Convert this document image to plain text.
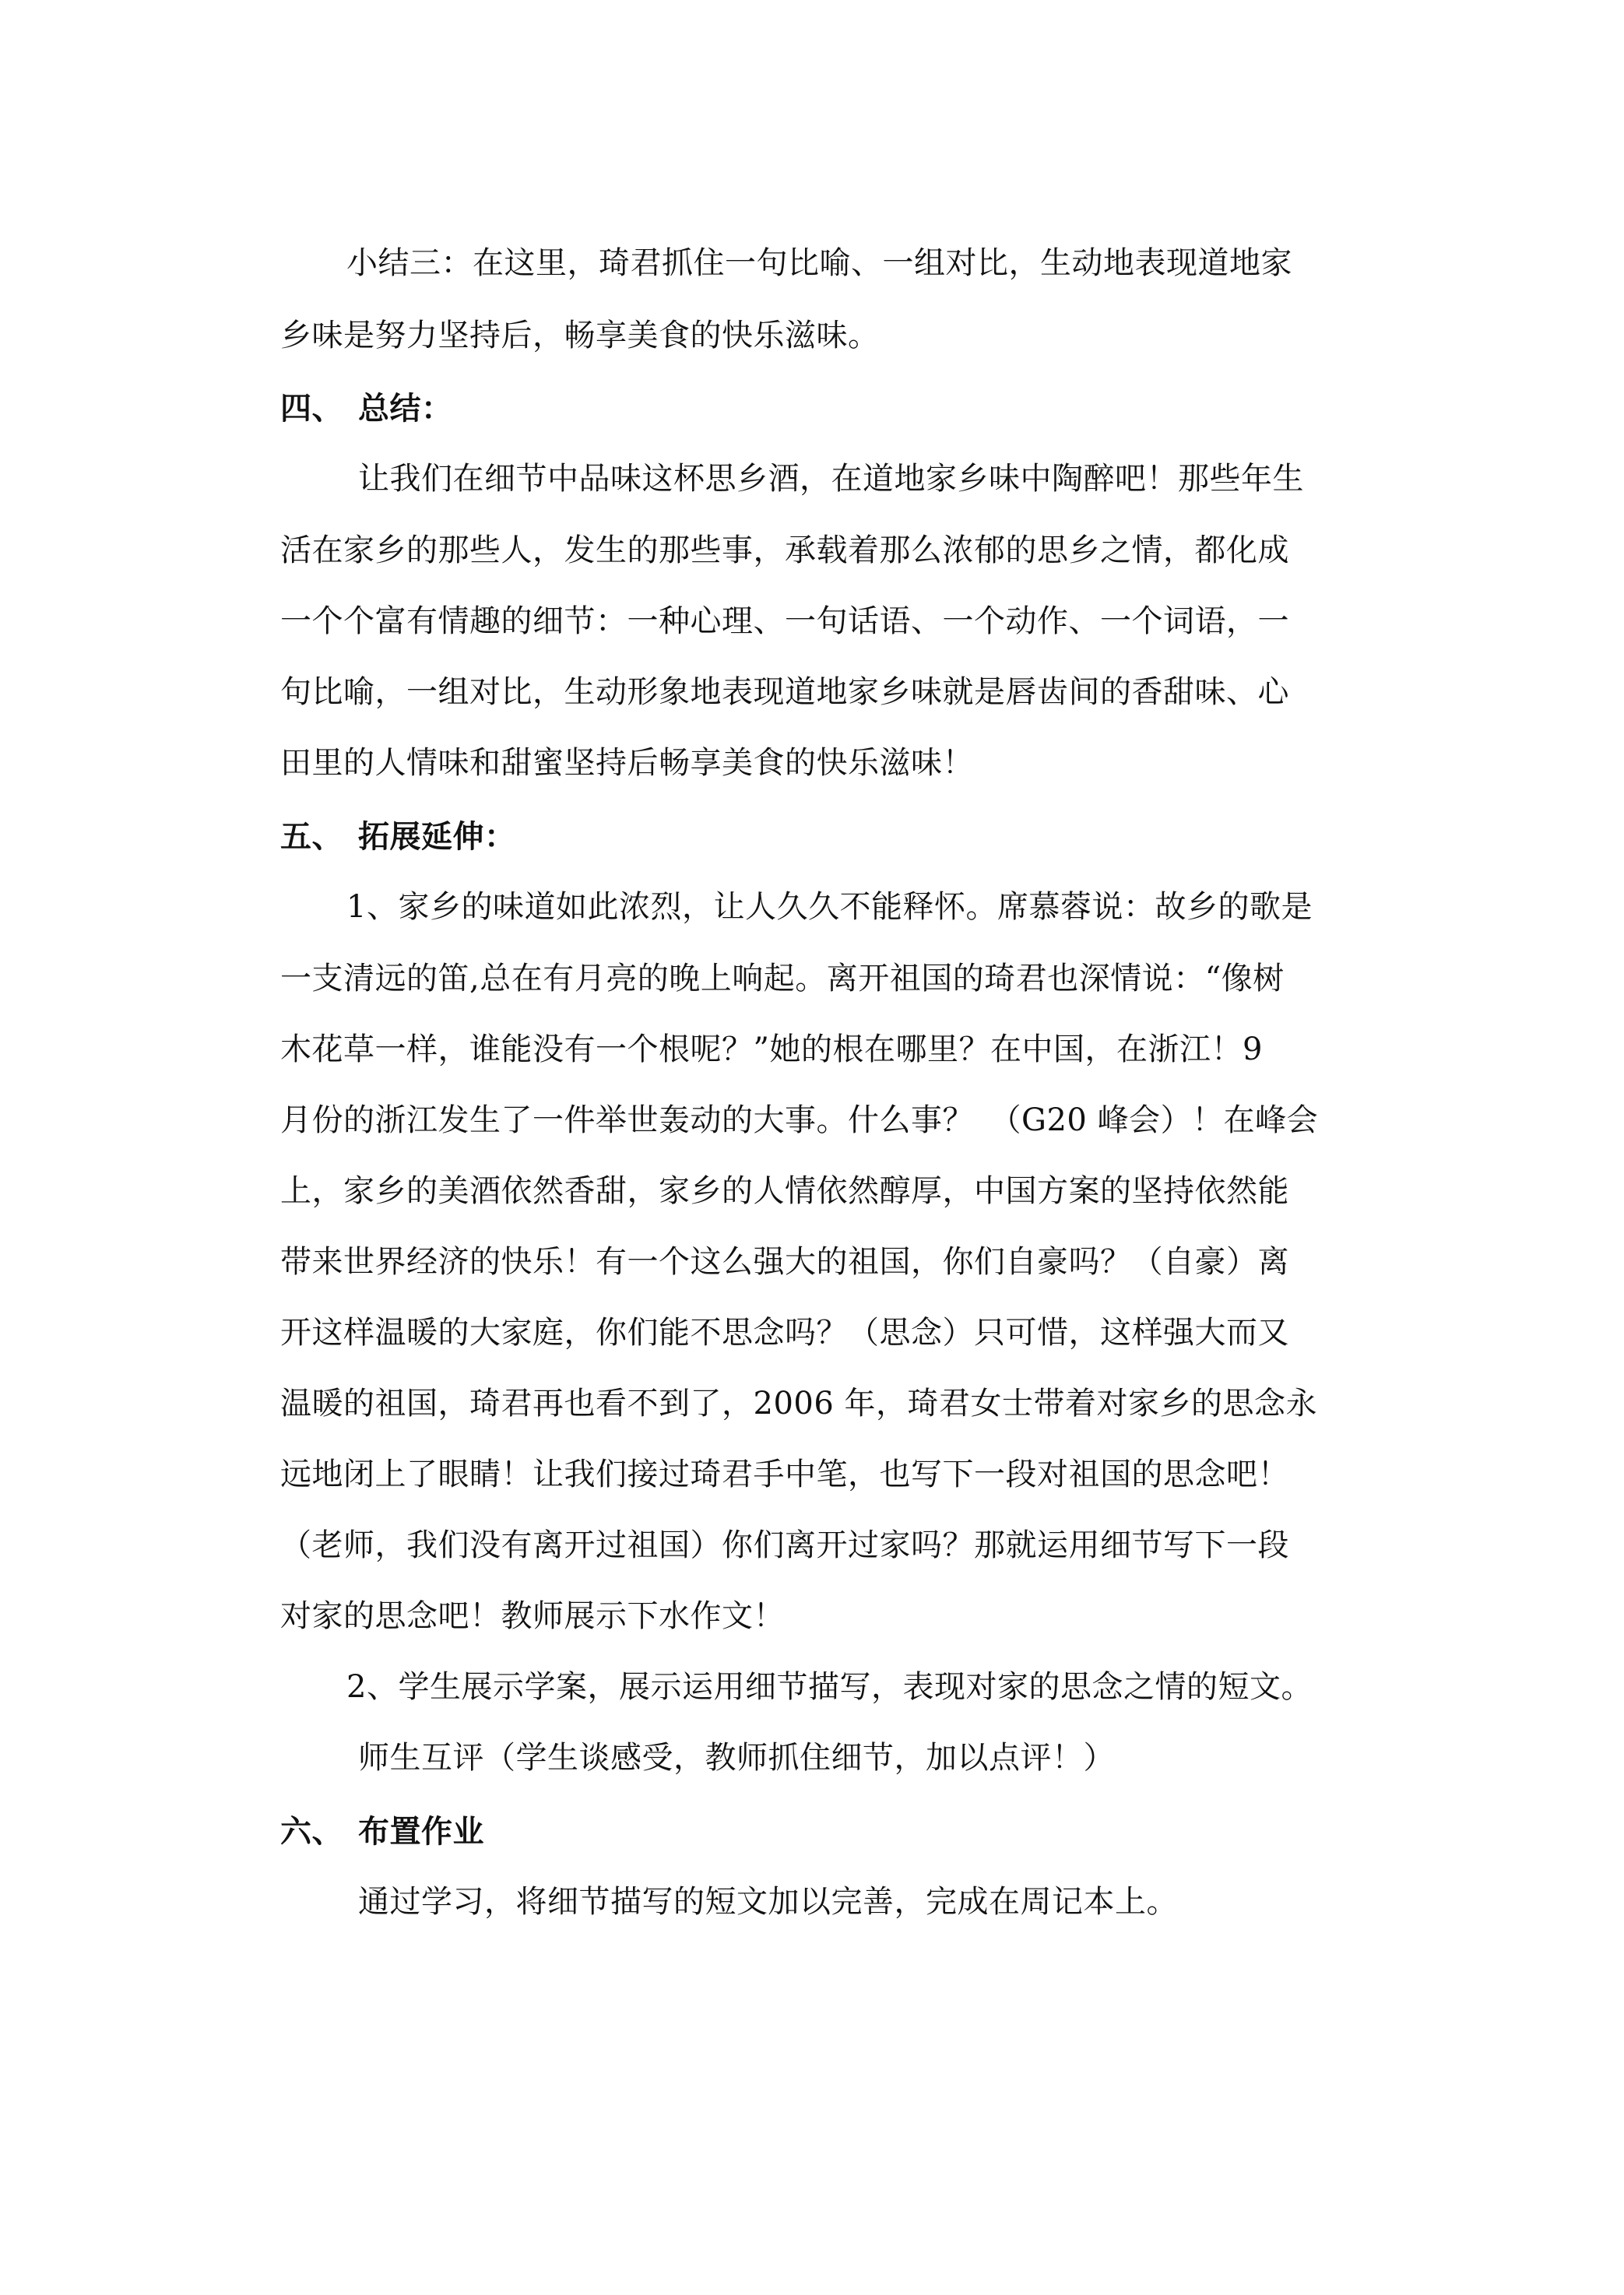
小结三：在这里，琦君抓住一句比喻、一组对比，生动地表现道地家
乡味是努力坚持后，畅享美食的快乐滋味。
四、 总结：
让我们在细节中品味这杯思乡酒，在道地家乡味中陶醉吧！那些年生
活在家乡的那些人，发生的那些事，承载着那么浓郁的思乡之情，都化成
一个个富有情趣的细节：一种心理、一句话语、一个动作、一个词语，一
句比喻，一组对比，生动形象地表现道地家乡味就是唇齿间的香甜味、心
田里的人情味和甜蜜坚持后畅享美食的快乐滋味！
五、 拓展延伸：
1、家乡的味道如此浓烈，让人久久不能释怀。席慕蓉说：故乡的歌是
一支清远的笛,总在有月亮的晚上响起。离开祖国的琦君也深情说：“像树
木花草一样，谁能没有一个根呢？”她的根在哪里？在中国，在浙江！9
月份的浙江发生了一件举世轰动的大事。什么事？　（G20 峰会）！在峰会
上，家乡的美酒依然香甜，家乡的人情依然醇厚，中国方案的坚持依然能
带来世界经济的快乐！有一个这么强大的祖国，你们自豪吗？（自豪）离
开这样温暖的大家庭，你们能不思念吗？（思念）只可惜，这样强大而又
温暖的祖国，琦君再也看不到了，2006 年，琦君女士带着对家乡的思念永
远地闭上了眼睛！让我们接过琦君手中笔，也写下一段对祖国的思念吧！
（老师，我们没有离开过祖国）你们离开过家吗？那就运用细节写下一段
对家的思念吧！教师展示下水作文！
2、学生展示学案，展示运用细节描写，表现对家的思念之情的短文。
师生互评（学生谈感受，教师抓住细节，加以点评！）
六、 布置作业
通过学习，将细节描写的短文加以完善，完成在周记本上。
